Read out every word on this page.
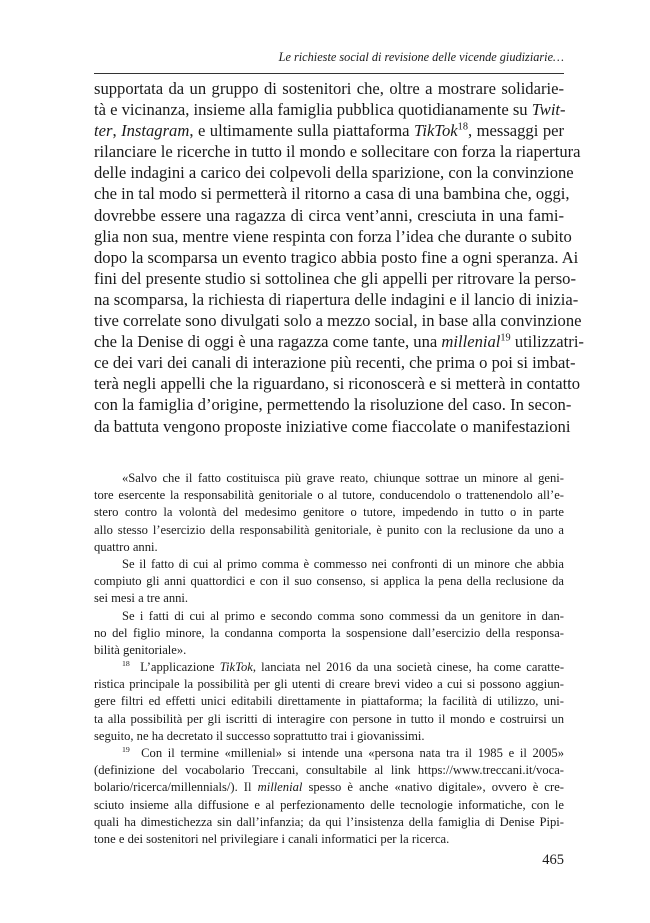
Le richieste social di revisione delle vicende giudiziarie…
supportata da un gruppo di sostenitori che, oltre a mostrare solidarie-
tà e vicinanza, insieme alla famiglia pubblica quotidianamente su Twit-
ter, Instagram, e ultimamente sulla piattaforma TikTok$^{18}$, messaggi per
rilanciare le ricerche in tutto il mondo e sollecitare con forza la riapertura
delle indagini a carico dei colpevoli della sparizione, con la convinzione
che in tal modo si permetterà il ritorno a casa di una bambina che, oggi,
dovrebbe essere una ragazza di circa vent’anni, cresciuta in una fami-
glia non sua, mentre viene respinta con forza l’idea che durante o subito
dopo la scomparsa un evento tragico abbia posto fine a ogni speranza. Ai
fini del presente studio si sottolinea che gli appelli per ritrovare la perso-
na scomparsa, la richiesta di riapertura delle indagini e il lancio di inizia-
tive correlate sono divulgati solo a mezzo social, in base alla convinzione
che la Denise di oggi è una ragazza come tante, una millenial$^{19}$ utilizzatri-
ce dei vari dei canali di interazione più recenti, che prima o poi si imbat-
terà negli appelli che la riguardano, si riconoscerà e si metterà in contatto
con la famiglia d’origine, permettendo la risoluzione del caso. In secon-
da battuta vengono proposte iniziative come fiaccolate o manifestazioni
«Salvo che il fatto costituisca più grave reato, chiunque sottrae un minore al geni-
tore esercente la responsabilità genitoriale o al tutore, conducendolo o trattenendolo all’e-
stero contro la volontà del medesimo genitore o tutore, impedendo in tutto o in parte
allo stesso l’esercizio della responsabilità genitoriale, è punito con la reclusione da uno a
quattro anni.
Se il fatto di cui al primo comma è commesso nei confronti di un minore che abbia
compiuto gli anni quattordici e con il suo consenso, si applica la pena della reclusione da
sei mesi a tre anni.
Se i fatti di cui al primo e secondo comma sono commessi da un genitore in dan-
no del figlio minore, la condanna comporta la sospensione dall’esercizio della responsa-
bilità genitoriale».
$^{18}$ L’applicazione TikTok, lanciata nel 2016 da una società cinese, ha come caratte-
ristica principale la possibilità per gli utenti di creare brevi video a cui si possono aggiun-
gere filtri ed effetti unici editabili direttamente in piattaforma; la facilità di utilizzo, uni-
ta alla possibilità per gli iscritti di interagire con persone in tutto il mondo e costruirsi un
seguito, ne ha decretato il successo soprattutto trai i giovanissimi.
$^{19}$ Con il termine «millenial» si intende una «persona nata tra il 1985 e il 2005»
(definizione del vocabolario Treccani, consultabile al link https://www.treccani.it/voca-
bolario/ricerca/millennials/). Il millenial spesso è anche «nativo digitale», ovvero è cre-
sciuto insieme alla diffusione e al perfezionamento delle tecnologie informatiche, con le
quali ha dimestichezza sin dall’infanzia; da qui l’insistenza della famiglia di Denise Pipi-
tone e dei sostenitori nel privilegiare i canali informatici per la ricerca.
465
